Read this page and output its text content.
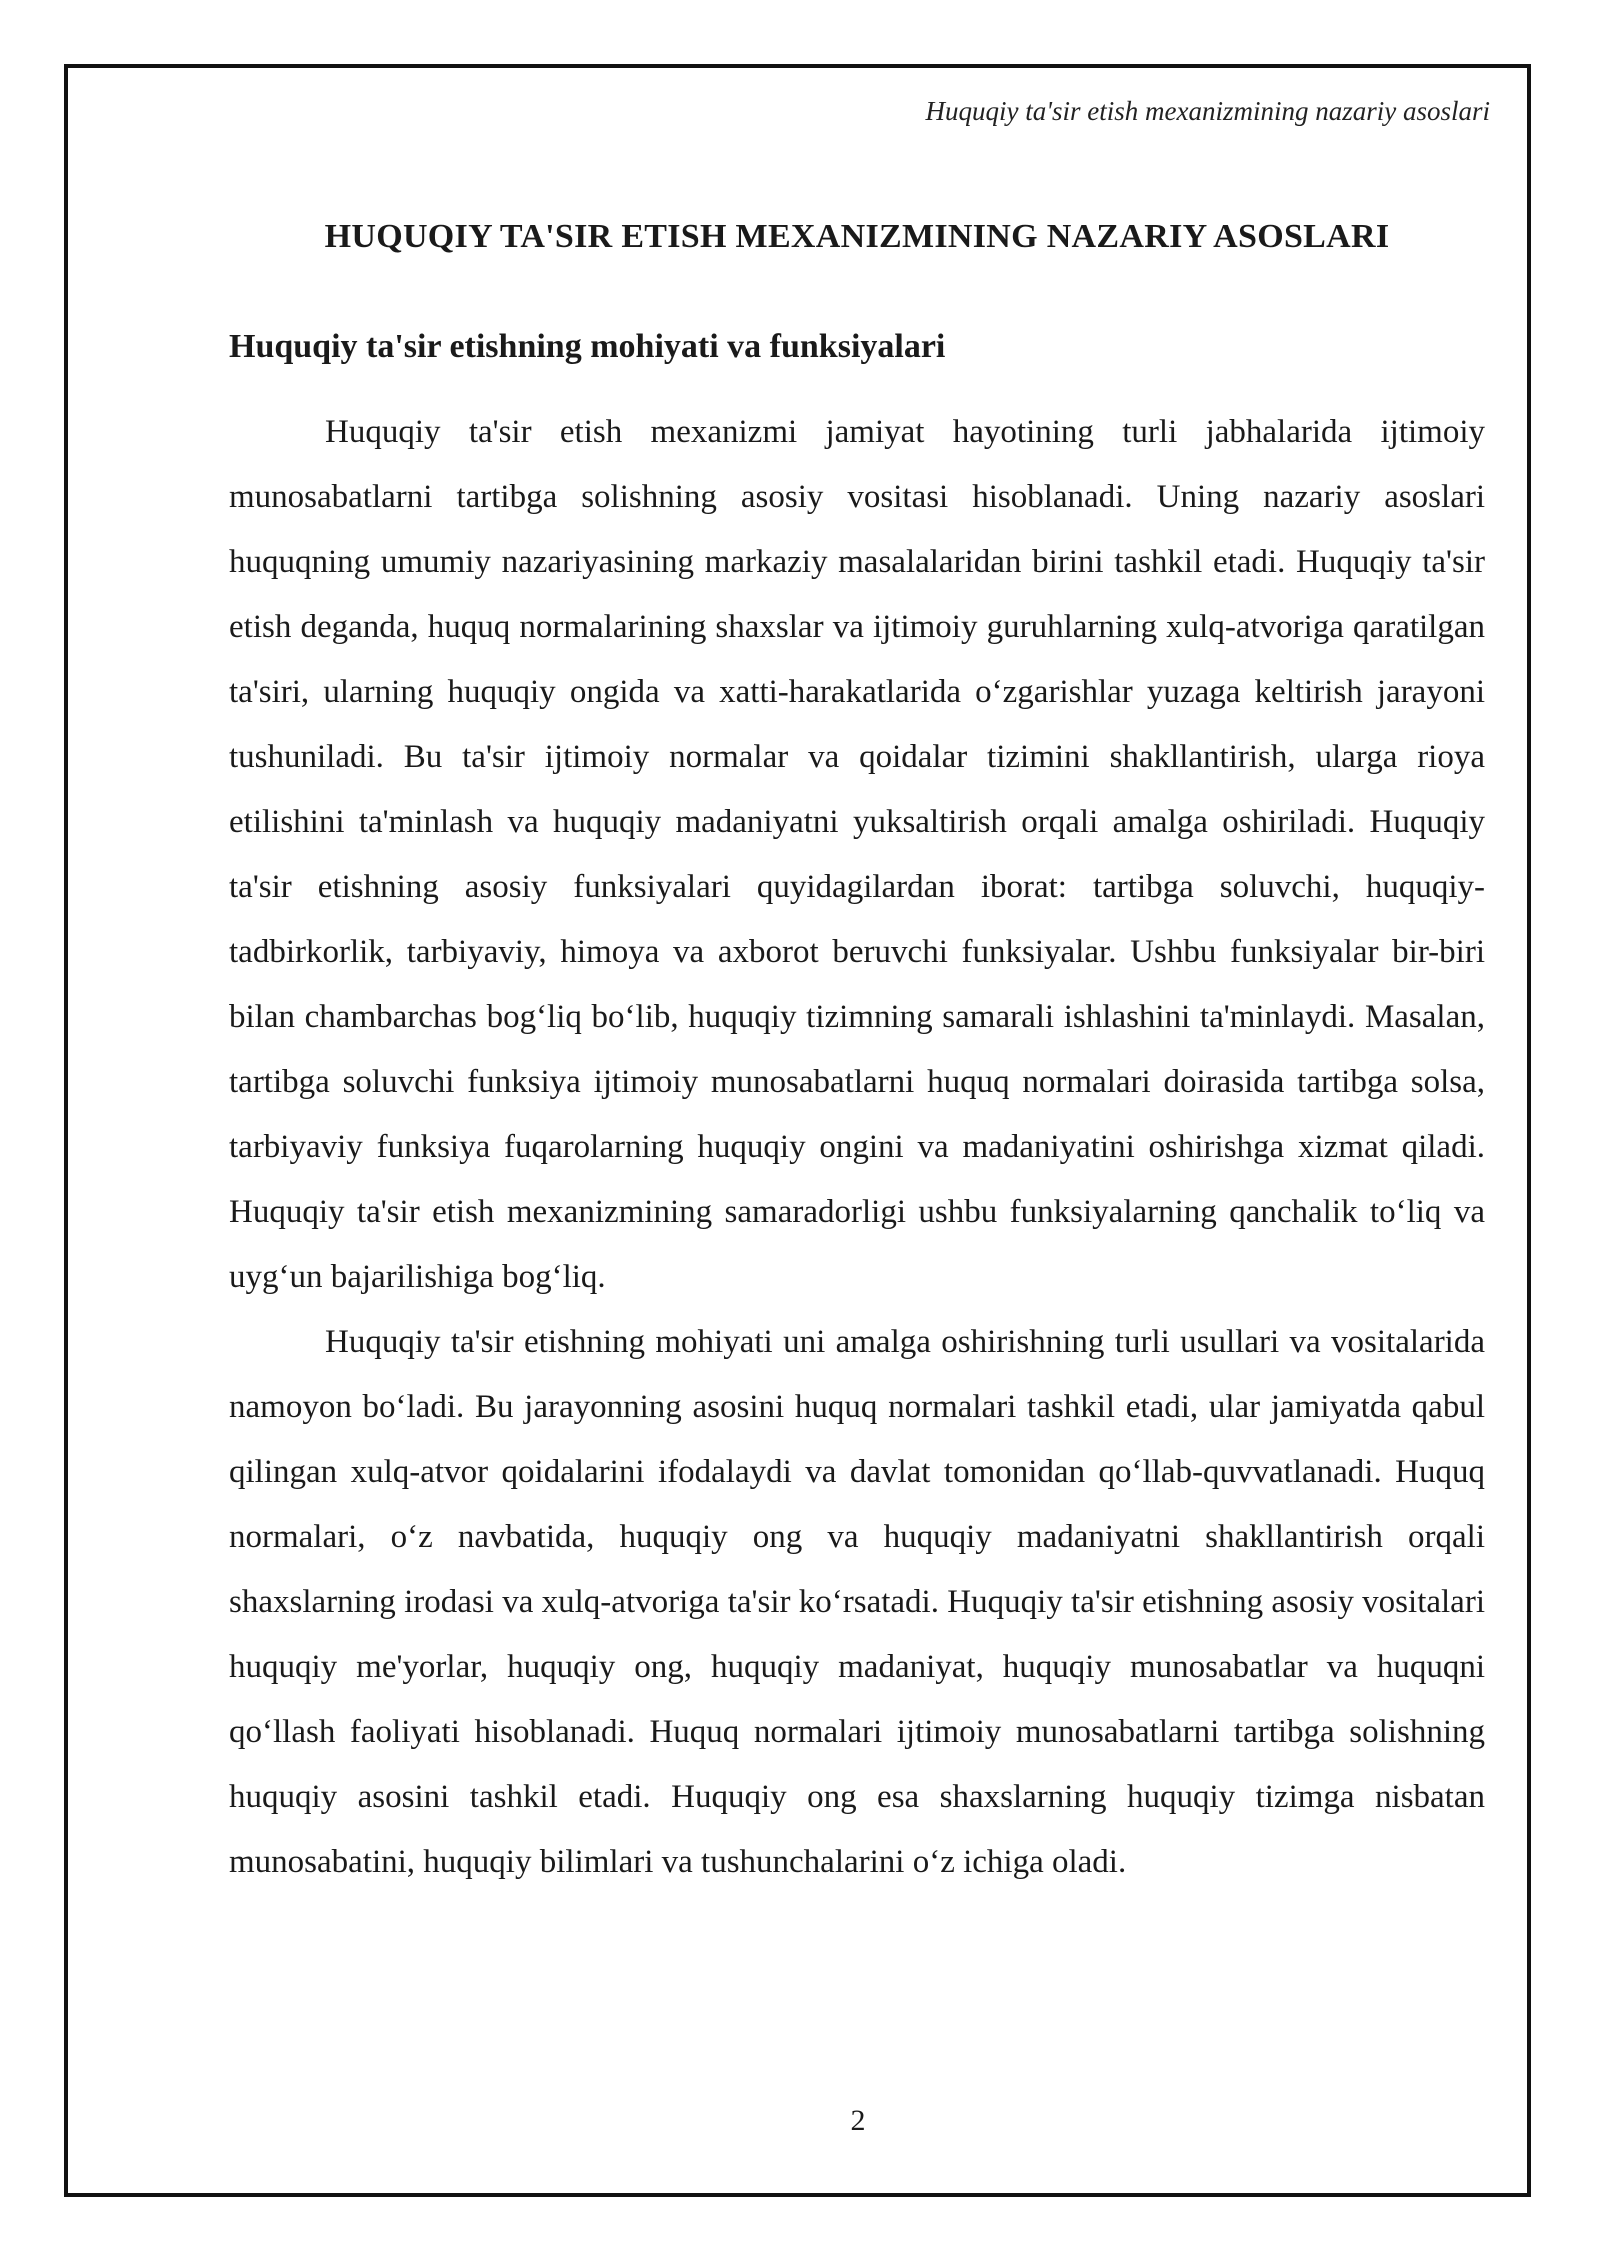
Huquqiy ta'sir etish mexanizmining nazariy asoslari
HUQUQIY TA'SIR ETISH MEXANIZMINING NAZARIY ASOSLARI
Huquqiy ta'sir etishning mohiyati va funksiyalari

Huquqiy ta'sir etish mexanizmi jamiyat hayotining turli jabhalarida ijtimoiy munosabatlarni tartibga solishning asosiy vositasi hisoblanadi. Uning nazariy asoslari huquqning umumiy nazariyasining markaziy masalalaridan birini tashkil etadi. Huquqiy ta'sir etish deganda, huquq normalarining shaxslar va ijtimoiy guruhlarning xulq-atvoriga qaratilgan ta'siri, ularning huquqiy ongida va xatti-harakatlarida oʻzgarishlar yuzaga keltirish jarayoni tushuniladi. Bu ta'sir ijtimoiy normalar va qoidalar tizimini shakllantirish, ularga rioya etilishini ta'minlash va huquqiy madaniyatni yuksaltirish orqali amalga oshiriladi. Huquqiy ta'sir etishning asosiy funksiyalari quyidagilardan iborat: tartibga soluvchi, huquqiy-tadbirkorlik, tarbiyaviy, himoya va axborot beruvchi funksiyalar. Ushbu funksiyalar bir-biri bilan chambarchas bogʻliq boʻlib, huquqiy tizimning samarali ishlashini ta'minlaydi. Masalan, tartibga soluvchi funksiya ijtimoiy munosabatlarni huquq normalari doirasida tartibga solsa, tarbiyaviy funksiya fuqarolarning huquqiy ongini va madaniyatini oshirishga xizmat qiladi. Huquqiy ta'sir etish mexanizmining samaradorligi ushbu funksiyalarning qanchalik toʻliq va uygʻun bajarilishiga bogʻliq.

Huquqiy ta'sir etishning mohiyati uni amalga oshirishning turli usullari va vositalarida namoyon boʻladi. Bu jarayonning asosini huquq normalari tashkil etadi, ular jamiyatda qabul qilingan xulq-atvor qoidalarini ifodalaydi va davlat tomonidan qoʻllab-quvvatlanadi. Huquq normalari, oʻz navbatida, huquqiy ong va huquqiy madaniyatni shakllantirish orqali shaxslarning irodasi va xulq-atvoriga ta'sir koʻrsatadi. Huquqiy ta'sir etishning asosiy vositalari huquqiy me'yorlar, huquqiy ong, huquqiy madaniyat, huquqiy munosabatlar va huquqni qoʻllash faoliyati hisoblanadi. Huquq normalari ijtimoiy munosabatlarni tartibga solishning huquqiy asosini tashkil etadi. Huquqiy ong esa shaxslarning huquqiy tizimga nisbatan munosabatini, huquqiy bilimlari va tushunchalarini oʻz ichiga oladi.

2
